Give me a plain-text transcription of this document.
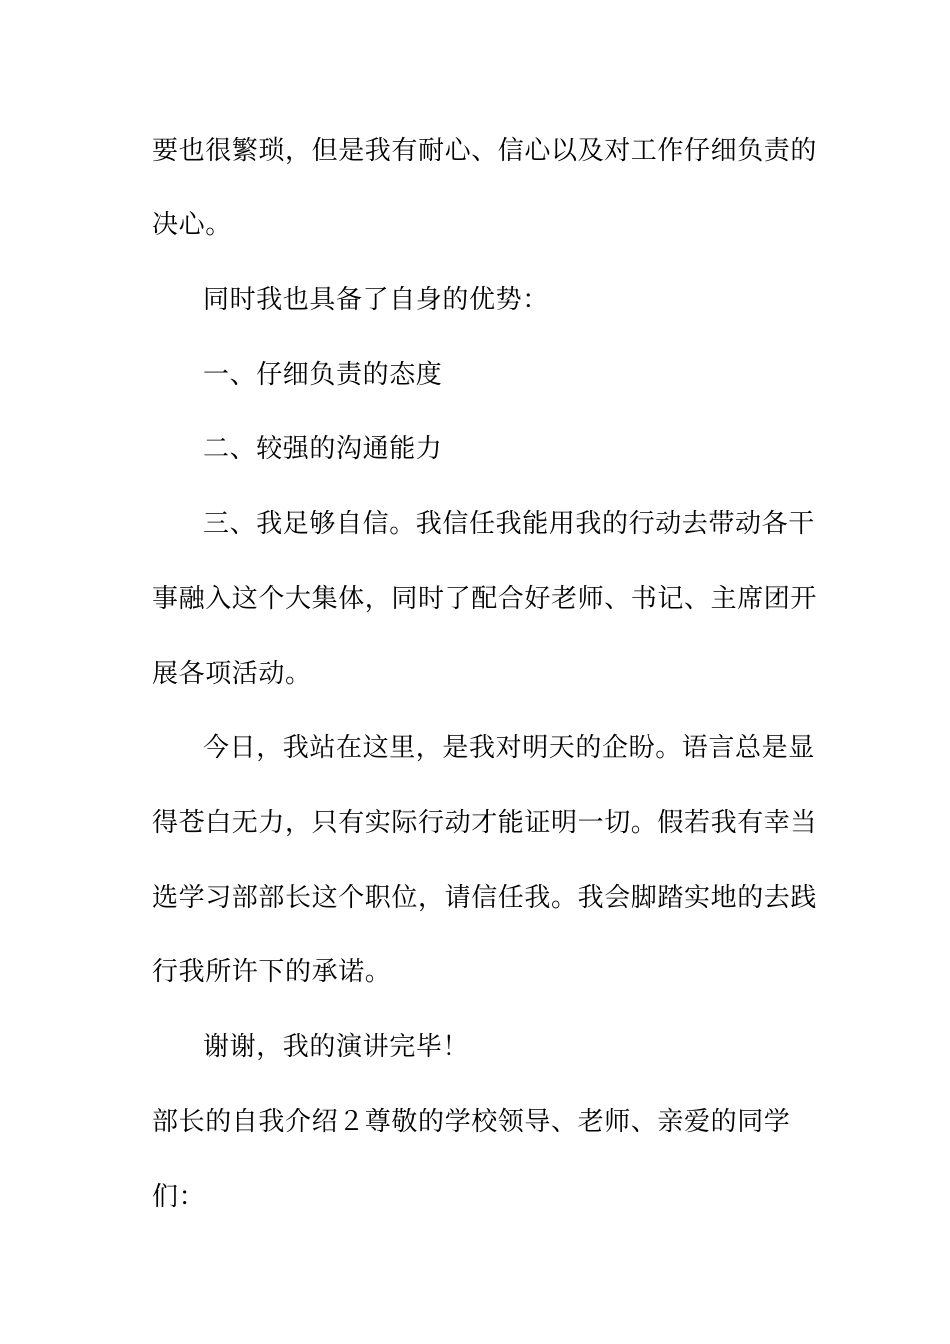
要也很繁琐，但是我有耐心、信心以及对工作仔细负责的
决心。
同时我也具备了自身的优势：
一、仔细负责的态度
二、较强的沟通能力
三、我足够自信。我信任我能用我的行动去带动各干
事融入这个大集体，同时了配合好老师、书记、主席团开
展各项活动。
今日，我站在这里，是我对明天的企盼。语言总是显
得苍白无力，只有实际行动才能证明一切。假若我有幸当
选学习部部长这个职位，请信任我。我会脚踏实地的去践
行我所许下的承诺。
谢谢，我的演讲完毕！
部长的自我介绍２尊敬的学校领导、老师、亲爱的同学
们：
